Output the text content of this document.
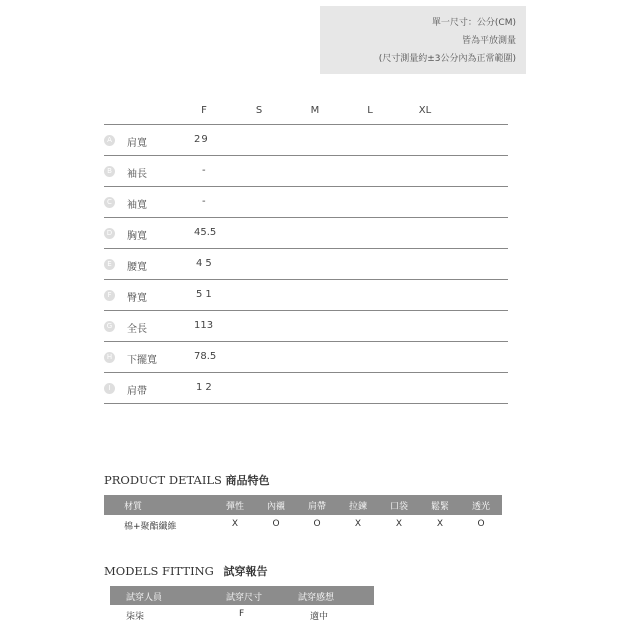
單一尺寸：公分(CM)
皆為平放測量
(尺寸測量約±3公分內為正常範圍)
F	S	M	L	XL
A	肩寬	29
B	袖長	-
C	袖寬	-
D 胸寬	45.5
E	腰寬	45
F	臀寬	51
G 全長	113
H 下擺寬	78.5
I	肩帶	12
PRODUCT DETAILS 商品特色
材質	彈性	內襯	肩帶	拉鍊	口袋	鬆緊	透光
棉+聚酯纖維	X	O	O	X	X	X	O
MODELS FITTING 試穿報告
試穿人員	試穿尺寸	試穿感想
柒柒	F	適中
